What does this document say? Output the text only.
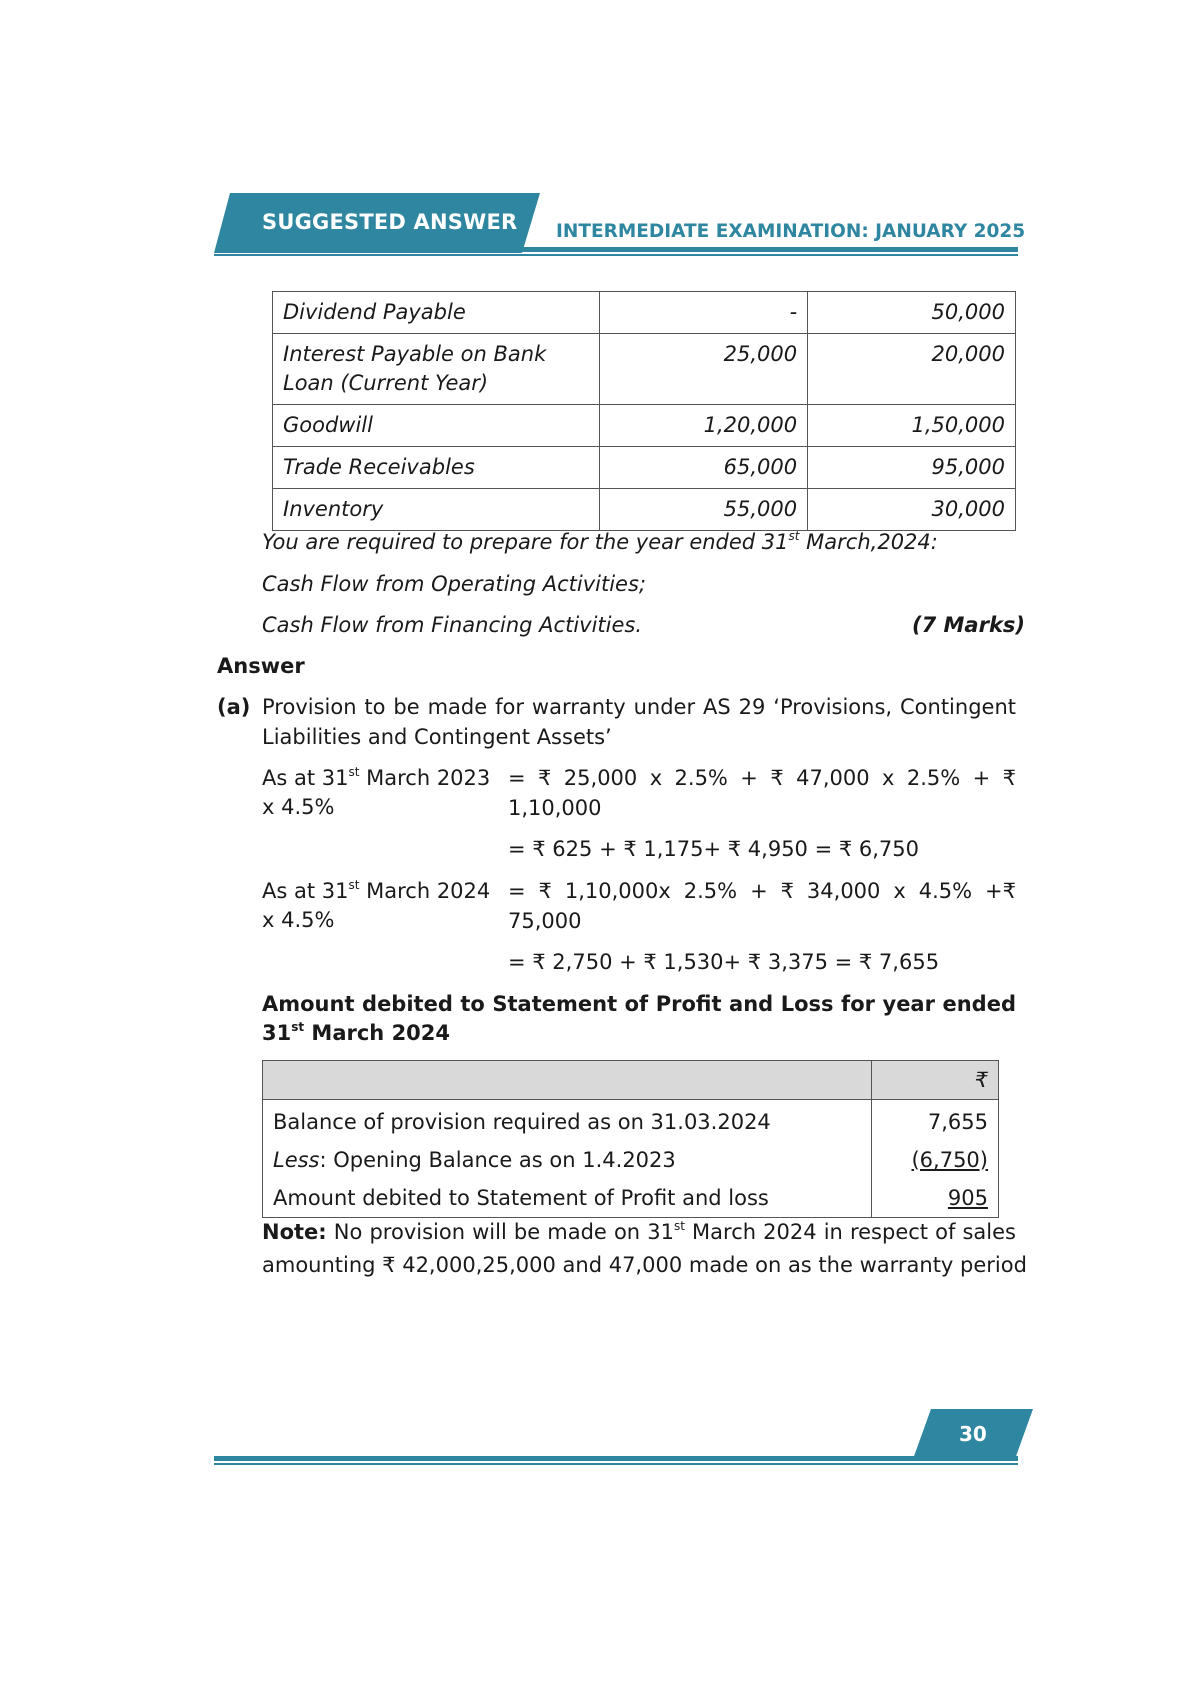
SUGGESTED ANSWER INTERMEDIATE EXAMINATION: JANUARY 2025
Dividend Payable	-	50,000
Interest Payable on Bank Loan (Current Year)	25,000	20,000
Goodwill	1,20,000	1,50,000
Trade Receivables	65,000	95,000
Inventory	55,000	30,000
You are required to prepare for the year ended 31st March,2024:
Cash Flow from Operating Activities;
Cash Flow from Financing Activities.	(7 Marks)
Answer
(a) Provision to be made for warranty under AS 29 ‘Provisions, Contingent Liabilities and Contingent Assets’
As at 31st March 2023 = ₹ 25,000 x 2.5% + ₹ 47,000 x 2.5% + ₹ 1,10,000
x 4.5%
= ₹ 625 + ₹ 1,175+ ₹ 4,950 = ₹ 6,750
As at 31st March 2024 = ₹ 1,10,000x 2.5% + ₹ 34,000 x 4.5% +₹ 75,000
x 4.5%
= ₹ 2,750 + ₹ 1,530+ ₹ 3,375 = ₹ 7,655
Amount debited to Statement of Profit and Loss for year ended
31st March 2024
	₹
Balance of provision required as on 31.03.2024	7,655
Less: Opening Balance as on 1.4.2023	(6,750)
Amount debited to Statement of Profit and loss	905
Note: No provision will be made on 31st March 2024 in respect of sales
amounting ₹ 42,000,25,000 and 47,000 made on as the warranty period
30
